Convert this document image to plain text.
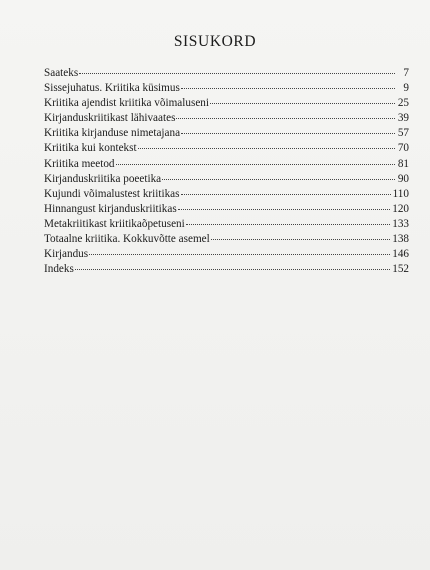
SISUKORD
Saateks	7
Sissejuhatus. Kriitika küsimus	9
Kriitika ajendist kriitika võimaluseni	25
Kirjanduskriitikast lähivaates	39
Kriitika kirjanduse nimetajana	57
Kriitika kui kontekst	70
Kriitika meetod	81
Kirjanduskriitika poeetika	90
Kujundi võimalustest kriitikas	110
Hinnangust kirjanduskriitikas	120
Metakriitikast kriitikaõpetuseni	133
Totaalne kriitika. Kokkuvõtte asemel	138
Kirjandus	146
Indeks	152
